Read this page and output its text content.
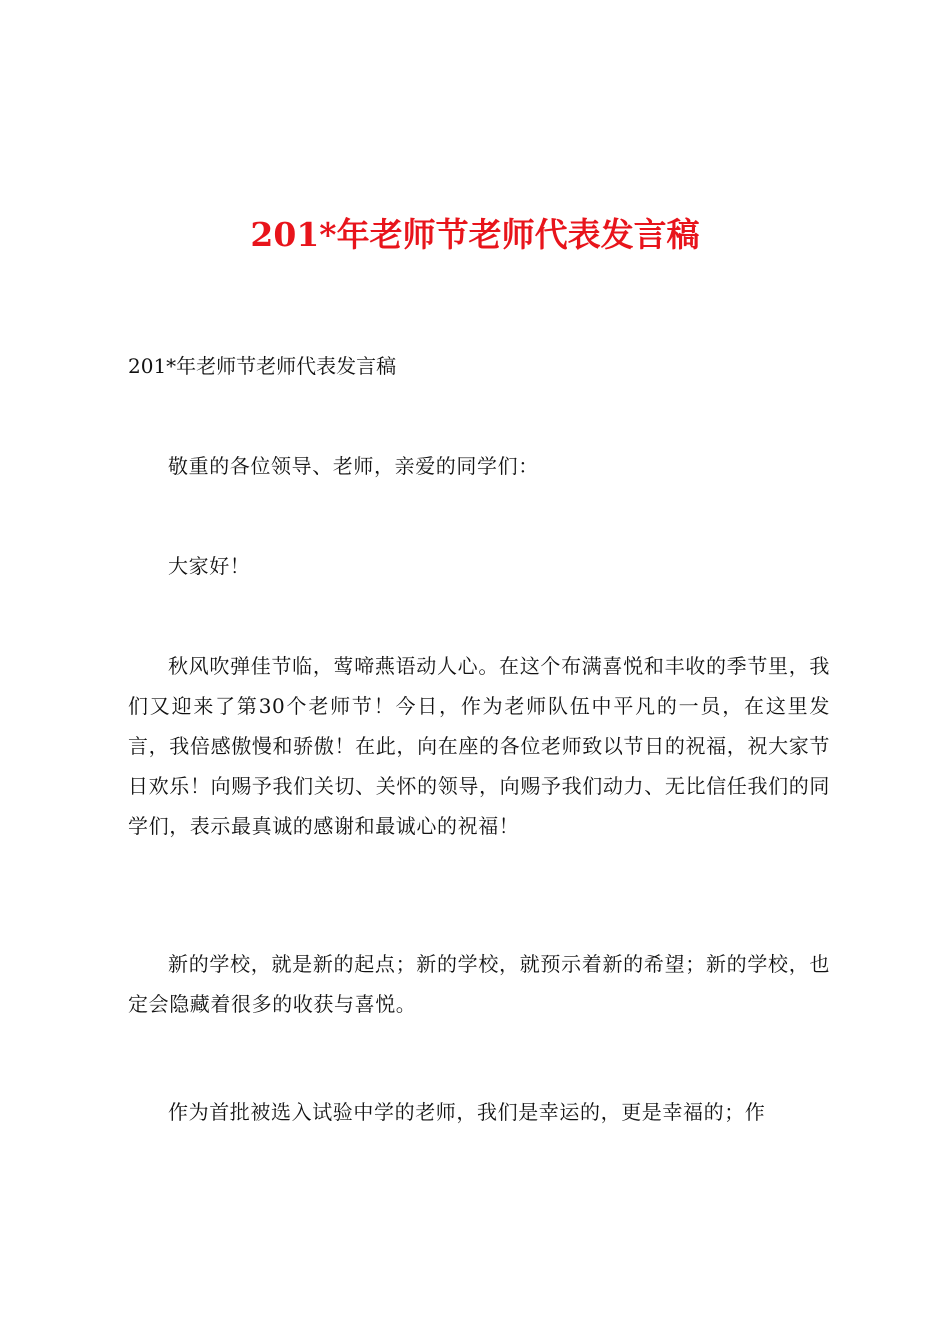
201*年老师节老师代表发言稿

201*年老师节老师代表发言稿

敬重的各位领导、老师，亲爱的同学们：

大家好！

秋风吹弹佳节临，莺啼燕语动人心。在这个布满喜悦和丰收的季节里，我们又迎来了第30个老师节！今日，作为老师队伍中平凡的一员，在这里发言，我倍感傲慢和骄傲！在此，向在座的各位老师致以节日的祝福，祝大家节日欢乐！向赐予我们关切、关怀的领导，向赐予我们动力、无比信任我们的同学们，表示最真诚的感谢和最诚心的祝福！

新的学校，就是新的起点；新的学校，就预示着新的希望；新的学校，也定会隐藏着很多的收获与喜悦。

作为首批被选入试验中学的老师，我们是幸运的，更是幸福的；作
